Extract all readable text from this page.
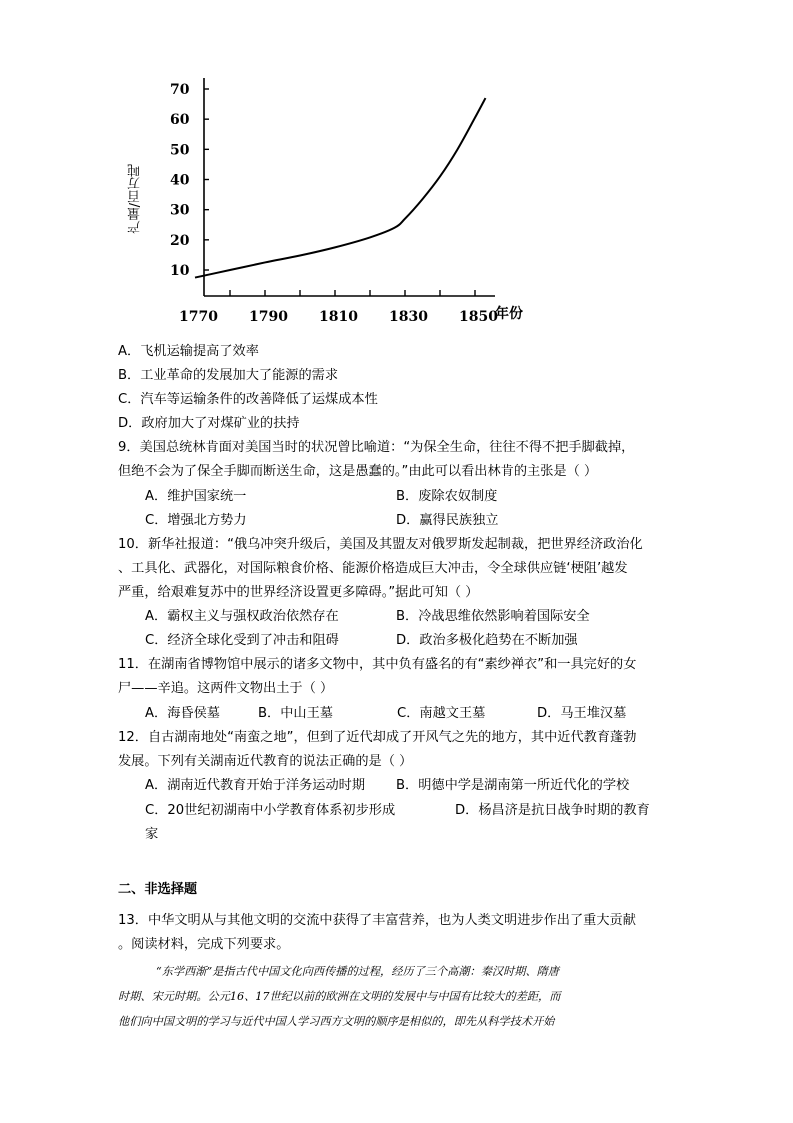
产量/百万吨
10
20
30
40
50
60
70
1770 1790 1810 1830 1850
年份
A．飞机运输提高了效率
B．工业革命的发展加大了能源的需求
C．汽车等运输条件的改善降低了运煤成本性
D．政府加大了对煤矿业的扶持
9．美国总统林肯面对美国当时的状况曾比喻道：“为保全生命，往往不得不把手脚截掉，
但绝不会为了保全手脚而断送生命，这是愚蠢的。”由此可以看出林肯的主张是（ ）
A．维护国家统一	B．废除农奴制度
C．增强北方势力	D．赢得民族独立
10．新华社报道：“俄乌冲突升级后，美国及其盟友对俄罗斯发起制裁，把世界经济政治化
、工具化、武器化，对国际粮食价格、能源价格造成巨大冲击，令全球供应链‘梗阻’越发
严重，给艰难复苏中的世界经济设置更多障碍。”据此可知（ ）
A．霸权主义与强权政治依然存在	B．冷战思维依然影响着国际安全
C．经济全球化受到了冲击和阻碍	D．政治多极化趋势在不断加强
11．在湖南省博物馆中展示的诸多文物中，其中负有盛名的有“素纱禅衣”和一具完好的女
尸——辛追。这两件文物出土于（ ）
A．海昏侯墓	B．中山王墓	C．南越文王墓	D．马王堆汉墓
12．自古湖南地处“南蛮之地”，但到了近代却成了开风气之先的地方，其中近代教育蓬勃
发展。下列有关湖南近代教育的说法正确的是（ ）
A．湖南近代教育开始于洋务运动时期 B．明德中学是湖南第一所近代化的学校
C．20世纪初湖南中小学教育体系初步形成	D．杨昌济是抗日战争时期的教育
家
二、非选择题
13．中华文明从与其他文明的交流中获得了丰富营养，也为人类文明进步作出了重大贡献
。阅读材料，完成下列要求。
“东学西渐”是指古代中国文化向西传播的过程，经历了三个高潮：秦汉时期、隋唐
时期、宋元时期。公元16、17世纪以前的欧洲在文明的发展中与中国有比较大的差距，而
他们向中国文明的学习与近代中国人学习西方文明的顺序是相似的，即先从科学技术开始
